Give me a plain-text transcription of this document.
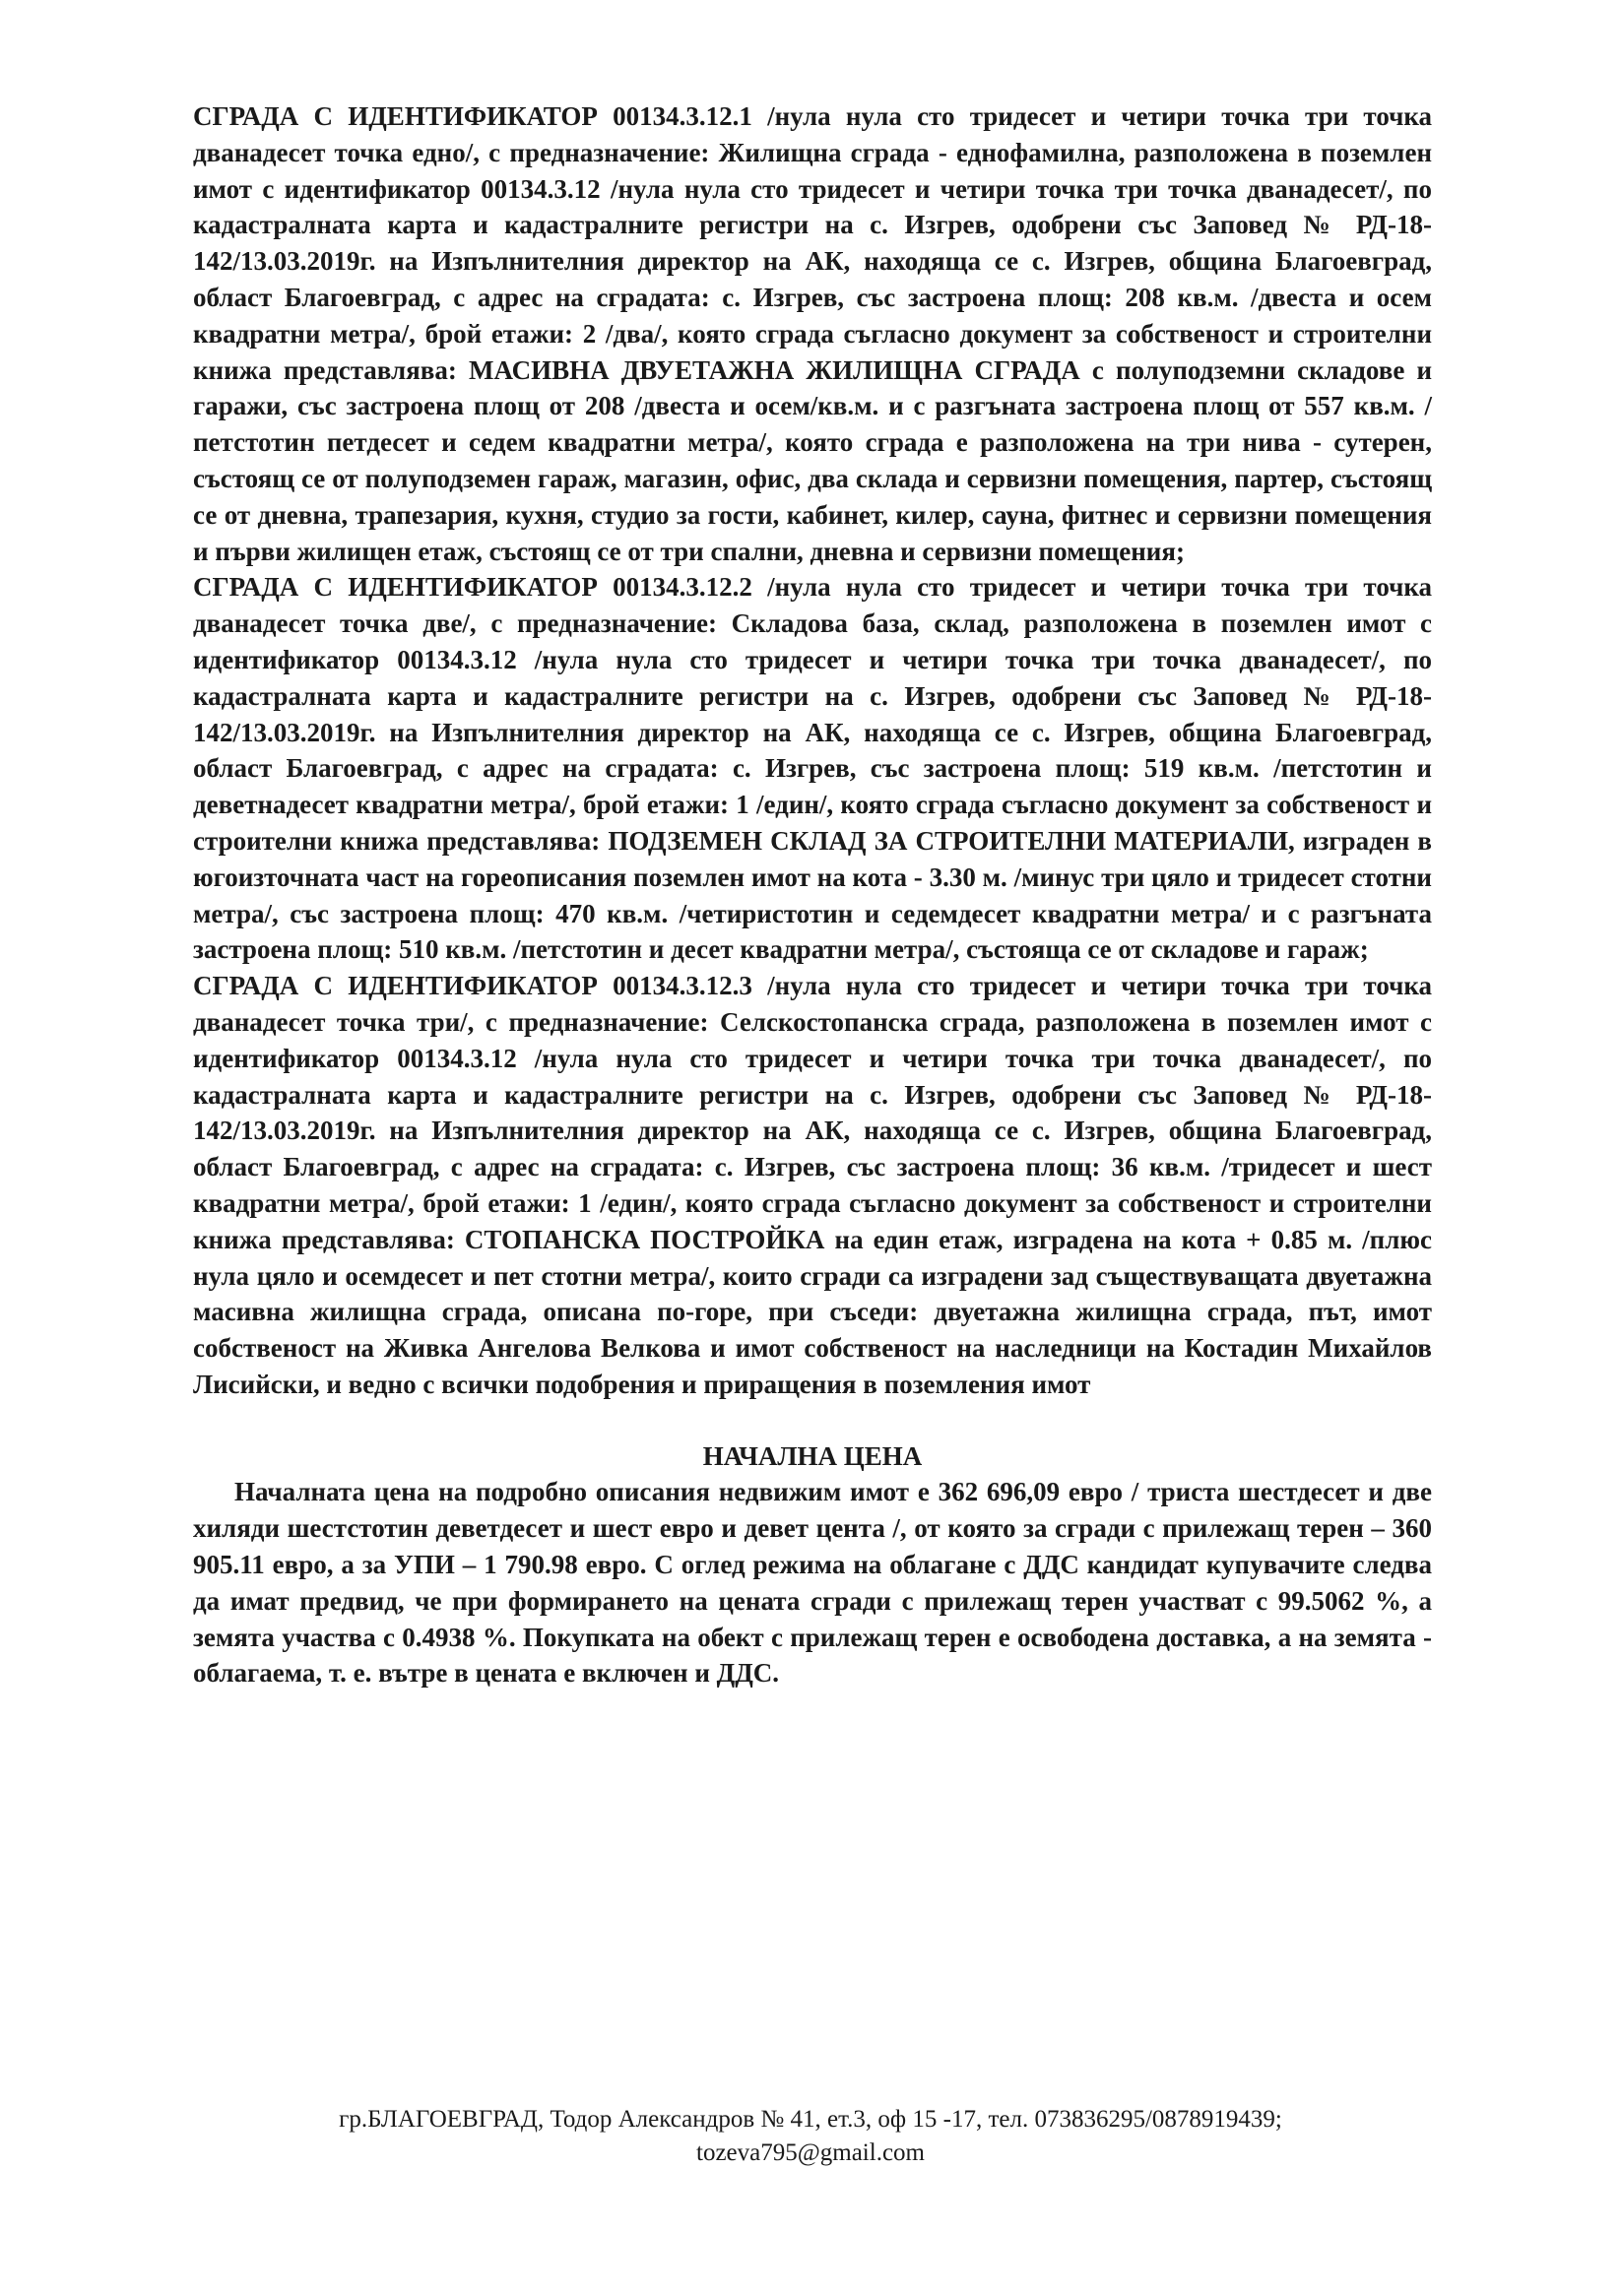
СГРАДА С ИДЕНТИФИКАТОР 00134.3.12.1 /нула нула сто тридесет и четири точка три точка дванадесет точка едно/, с предназначение: Жилищна сграда - еднофамилна, разположена в поземлен имот с идентификатор 00134.3.12 /нула нула сто тридесет и четири точка три точка дванадесет/, по кадастралната карта и кадастралните регистри на с. Изгрев, одобрени със Заповед № РД-18-142/13.03.2019г. на Изпълнителния директор на АК, находяща се с. Изгрев, община Благоевград, област Благоевград, с адрес на сградата: с. Изгрев, със застроена площ: 208 кв.м. /двеста и осем квадратни метра/, брой етажи: 2 /два/, която сграда съгласно документ за собственост и строителни книжа представлява: МАСИВНА ДВУЕТАЖНА ЖИЛИЩНА СГРАДА с полуподземни складове и гаражи, със застроена площ от 208 /двеста и осем/кв.м. и с разгъната застроена площ от 557 кв.м. /петстотин петдесет и седем квадратни метра/, която сграда е разположена на три нива - сутерен, състоящ се от полуподземен гараж, магазин, офис, два склада и сервизни помещения, партер, състоящ се от дневна, трапезария, кухня, студио за гости, кабинет, килер, сауна, фитнес и сервизни помещения и първи жилищен етаж, състоящ се от три спални, дневна и сервизни помещения;

СГРАДА С ИДЕНТИФИКАТОР 00134.3.12.2 /нула нула сто тридесет и четири точка три точка дванадесет точка две/, с предназначение: Складова база, склад, разположена в поземлен имот с идентификатор 00134.3.12 /нула нула сто тридесет и четири точка три точка дванадесет/, по кадастралната карта и кадастралните регистри на с. Изгрев, одобрени със Заповед № РД-18-142/13.03.2019г. на Изпълнителния директор на АК, находяща се с. Изгрев, община Благоевград, област Благоевград, с адрес на сградата: с. Изгрев, със застроена площ: 519 кв.м. /петстотин и деветнадесет квадратни метра/, брой етажи: 1 /един/, която сграда съгласно документ за собственост и строителни книжа представлява: ПОДЗЕМЕН СКЛАД ЗА СТРОИТЕЛНИ МАТЕРИАЛИ, изграден в югоизточната част на гореописания поземлен имот на кота - 3.30 м. /минус три цяло и тридесет стотни метра/, със застроена площ: 470 кв.м. /четиристотин и седемдесет квадратни метра/ и с разгъната застроена площ: 510 кв.м. /петстотин и десет квадратни метра/, състояща се от складове и гараж;

СГРАДА С ИДЕНТИФИКАТОР 00134.3.12.3 /нула нула сто тридесет и четири точка три точка дванадесет точка три/, с предназначение: Селскостопанска сграда, разположена в поземлен имот с идентификатор 00134.3.12 /нула нула сто тридесет и четири точка три точка дванадесет/, по кадастралната карта и кадастралните регистри на с. Изгрев, одобрени със Заповед № РД-18-142/13.03.2019г. на Изпълнителния директор на АК, находяща се с. Изгрев, община Благоевград, област Благоевград, с адрес на сградата: с. Изгрев, със застроена площ: 36 кв.м. /тридесет и шест квадратни метра/, брой етажи: 1 /един/, която сграда съгласно документ за собственост и строителни книжа представлява: СТОПАНСКА ПОСТРОЙКА на един етаж, изградена на кота + 0.85 м. /плюс нула цяло и осемдесет и пет стотни метра/, които сгради са изградени зад съществуващата двуетажна масивна жилищна сграда, описана по-горе, при съседи: двуетажна жилищна сграда, път, имот собственост на Живка Ангелова Велкова и имот собственост на наследници на Костадин Михайлов Лисийски, и ведно с всички подобрения и приращения в поземления имот

НАЧАЛНА ЦЕНА

Началната цена на подробно описания недвижим имот е 362 696,09 евро / триста шестдесет и две хиляди шестстотин деветдесет и шест евро и девет цента /, от която за сгради с прилежащ терен – 360 905.11 евро, а за УПИ – 1 790.98 евро. С оглед режима на облагане с ДДС кандидат купувачите следва да имат предвид, че при формирането на цената сгради с прилежащ терен участват с 99.5062 %, а земята участва с 0.4938 %. Покупката на обект с прилежащ терен е освободена доставка, а на земята - облагаема, т. е. вътре в цената е включен и ДДС.

гр.БЛАГОЕВГРАД, Тодор Александров № 41, ет.3, оф 15 -17, тел. 073836295/0878919439;
tozeva795@gmail.com
